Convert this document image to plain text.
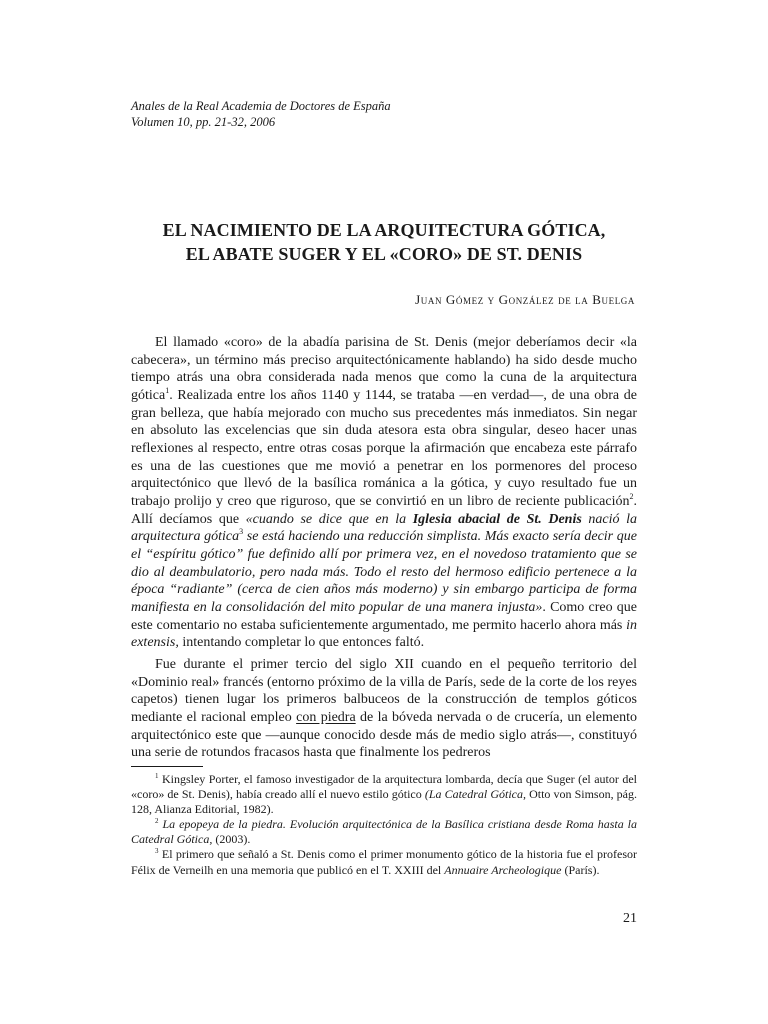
Anales de la Real Academia de Doctores de España
Volumen 10, pp. 21-32, 2006
EL NACIMIENTO DE LA ARQUITECTURA GÓTICA,
EL ABATE SUGER Y EL «CORO» DE ST. DENIS
Juan Gómez y González de la Buelga

El llamado «coro» de la abadía parisina de St. Denis (mejor deberíamos decir «la cabecera», un término más preciso arquitectónicamente hablando) ha sido desde mucho tiempo atrás una obra considerada nada menos que como la cuna de la arquitectura gótica$^1$. Realizada entre los años 1140 y 1144, se trataba —en verdad—, de una obra de gran belleza, que había mejorado con mucho sus precedentes más inmediatos. Sin negar en absoluto las excelencias que sin duda atesora esta obra singular, deseo hacer unas reflexiones al respecto, entre otras cosas porque la afirmación que encabeza este párrafo es una de las cuestiones que me movió a penetrar en los pormenores del proceso arquitectónico que llevó de la basílica románica a la gótica, y cuyo resultado fue un trabajo prolijo y creo que riguroso, que se convirtió en un libro de reciente publicación$^2$. Allí decíamos que «cuando se dice que en la Iglesia abacial de St. Denis nació la arquitectura gótica$^3$ se está haciendo una reducción simplista. Más exacto sería decir que el “espíritu gótico” fue definido allí por primera vez, en el novedoso tratamiento que se dio al deambulatorio, pero nada más. Todo el resto del hermoso edificio pertenece a la época “radiante” (cerca de cien años más moderno) y sin embargo participa de forma manifiesta en la consolidación del mito popular de una manera injusta». Como creo que este comentario no estaba suficientemente argumentado, me permito hacerlo ahora más in extensis, intentando completar lo que entonces faltó.

Fue durante el primer tercio del siglo XII cuando en el pequeño territorio del «Dominio real» francés (entorno próximo de la villa de París, sede de la corte de los reyes capetos) tienen lugar los primeros balbuceos de la construcción de templos góticos mediante el racional empleo con piedra de la bóveda nervada o de crucería, un elemento arquitectónico este que —aunque conocido desde más de medio siglo atrás—, constituyó una serie de rotundos fracasos hasta que finalmente los pedreros

$^1$ Kingsley Porter, el famoso investigador de la arquitectura lombarda, decía que Suger (el autor del «coro» de St. Denis), había creado allí el nuevo estilo gótico (La Catedral Gótica, Otto von Simson, pág. 128, Alianza Editorial, 1982).

$^2$ La epopeya de la piedra. Evolución arquitectónica de la Basílica cristiana desde Roma hasta la Catedral Gótica, (2003).

$^3$ El primero que señaló a St. Denis como el primer monumento gótico de la historia fue el profesor Félix de Verneilh en una memoria que publicó en el T. XXIII del Annuaire Archeologique (París).

21
